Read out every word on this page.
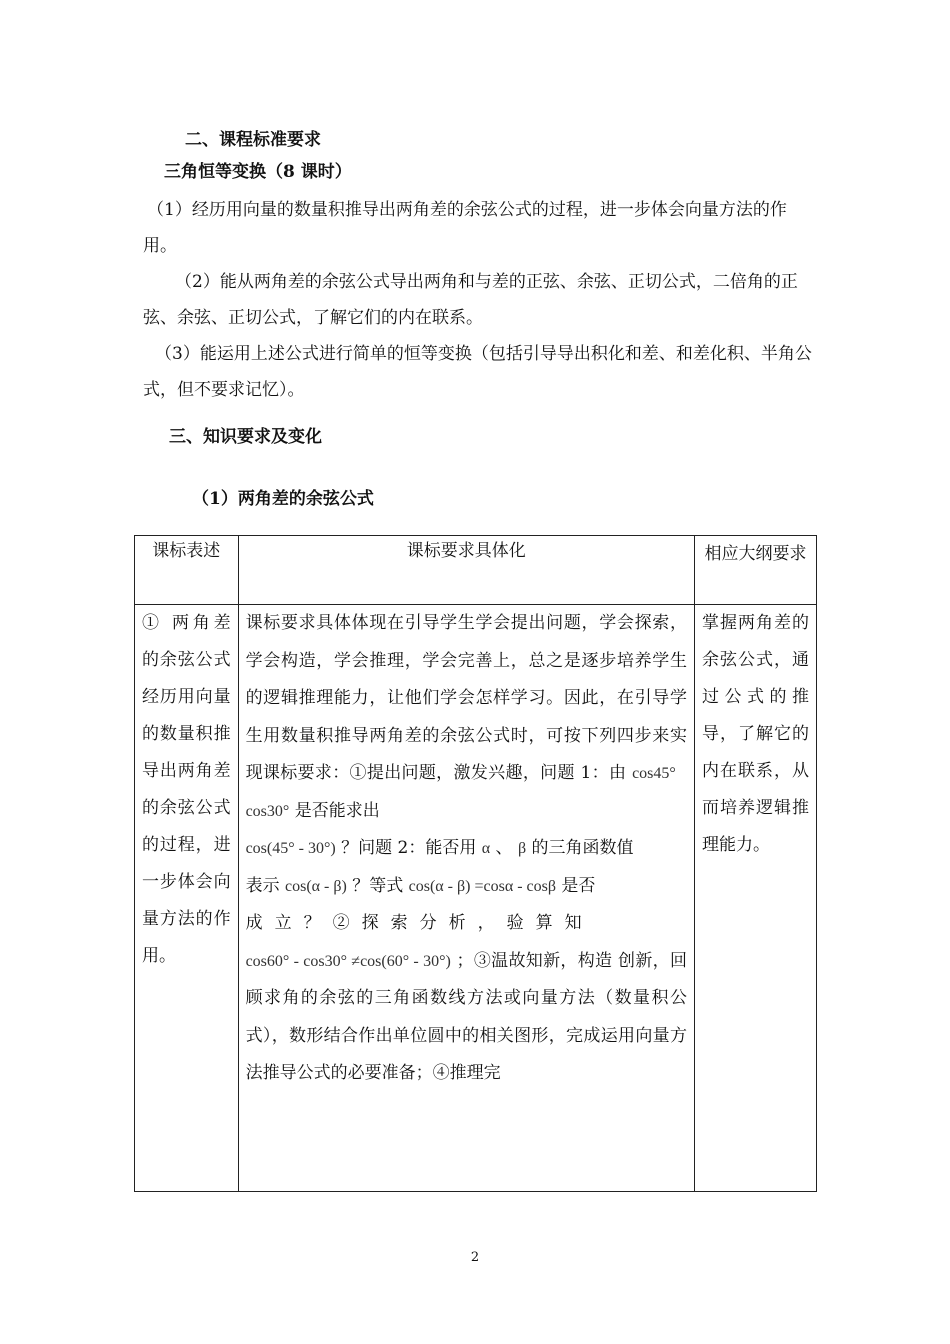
二、课程标准要求
三角恒等变换（8 课时）
（1）经历用向量的数量积推导出两角差的余弦公式的过程，进一步体会向量方法的作用。
（2）能从两角差的余弦公式导出两角和与差的正弦、余弦、正切公式，二倍角的正弦、余弦、正切公式，了解它们的内在联系。
（3）能运用上述公式进行简单的恒等变换（包括引导导出积化和差、和差化积、半角公式，但不要求记忆）。
三、知识要求及变化
（1）两角差的余弦公式
课标表述	课标要求具体化	相应大纲要求
① 两角差的余弦公式 经历用向量的数量积推导出两角差的余弦公式的过程，进一步体会向量方法的作用。	课标要求具体体现在引导学生学会提出问题，学会探索，学会构造，学会推理，学会完善上，总之是逐步培养学生的逻辑推理能力，让他们学会怎样学习。因此，在引导学生用数量积推导两角差的余弦公式时，可按下列四步来实现课标要求：①提出问题，激发兴趣，问题 1：由 cos45°   cos30° 是否能求出
cos(45° - 30°) ？问题 2：能否用 α 、 β 的三角函数值
表示 cos(α - β) ？等式 cos(α - β) =cosα - cosβ 是否
成立？②探索分析，验算知
cos60° - cos30° ≠cos(60° - 30°) ；③温故知新，构造 创新，回顾求角的余弦的三角函数线方法或向量方法（数量积公式），数形结合作出单位圆中的相关图形，完成运用向量方法推导公式的必要准备；④推理完	掌握两角差的余弦公式，通过公式的推导，了解它的内在联系，从而培养逻辑推理能力。
2
